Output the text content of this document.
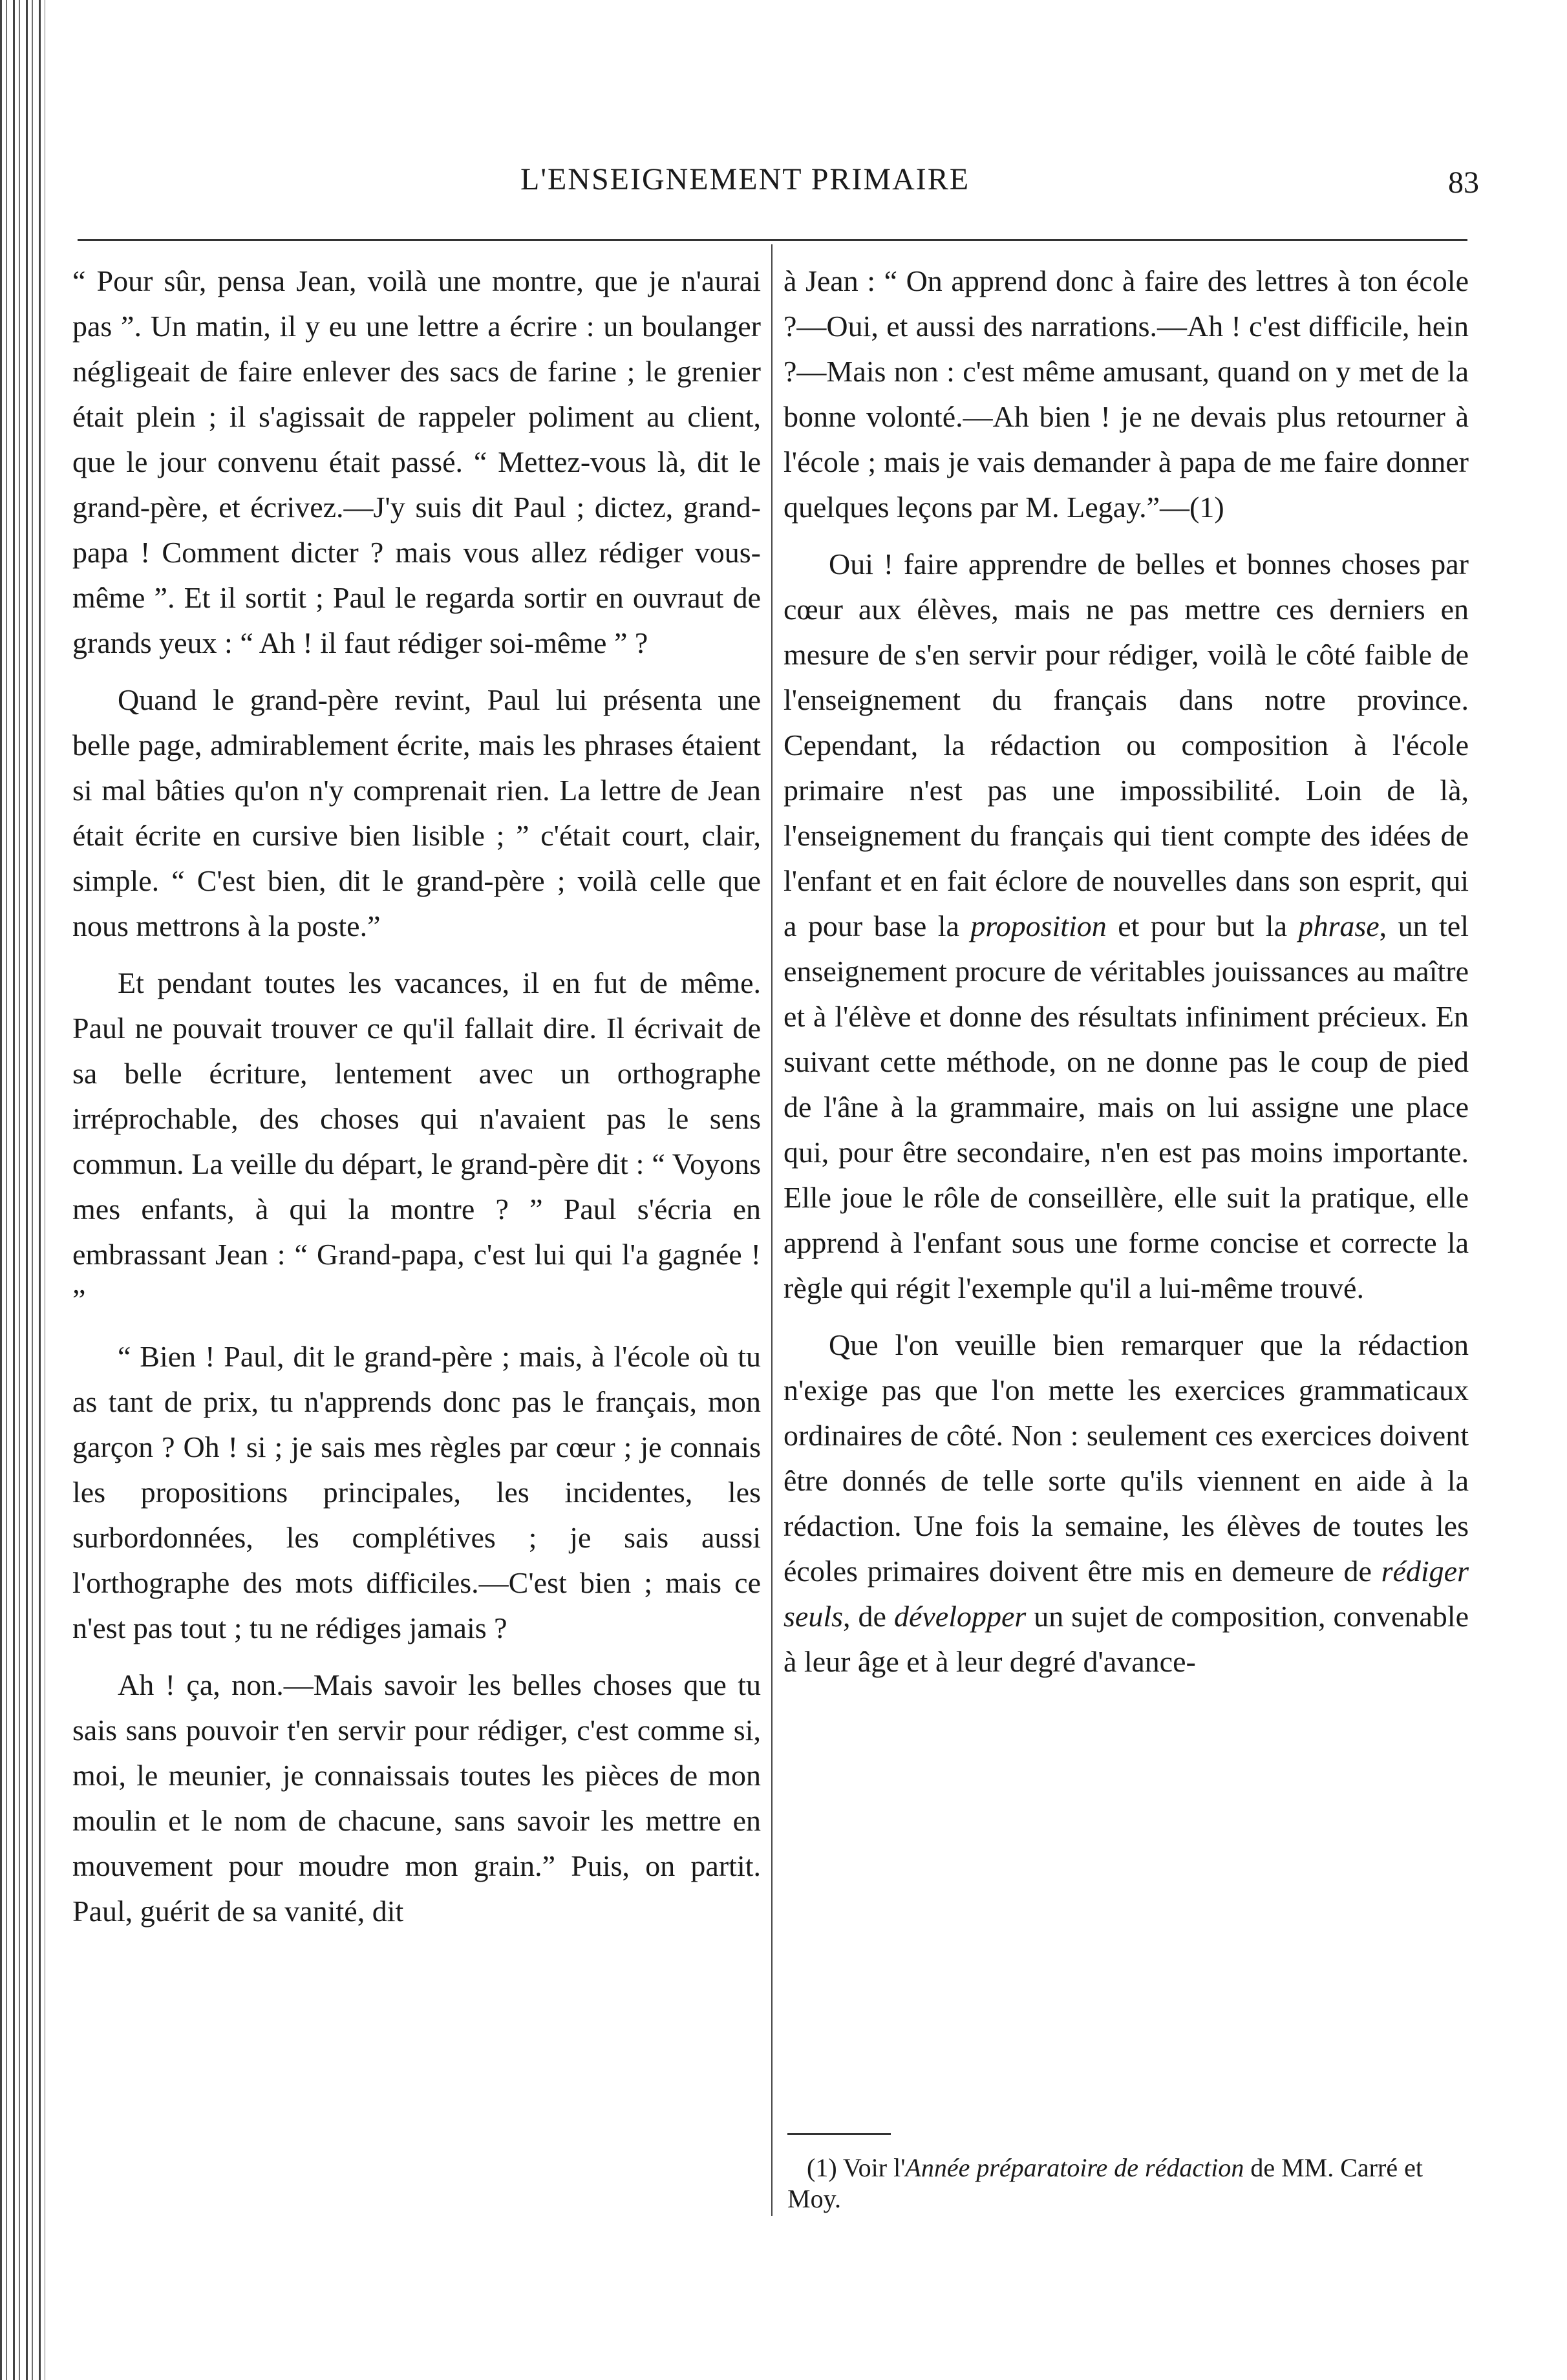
L'ENSEIGNEMENT PRIMAIRE	83

“ Pour sûr, pensa Jean, voilà une montre, que je n'aurai pas ”. Un matin, il y eu une lettre a écrire : un boulanger négligeait de faire enlever des sacs de farine ; le grenier était plein ; il s'agissait de rappeler poliment au client, que le jour convenu était passé. “ Mettez-vous là, dit le grand-père, et écrivez.—J'y suis dit Paul ; dictez, grand-papa ! Comment dicter ? mais vous allez rédiger vous-même ”. Et il sortit ; Paul le regarda sortir en ouvraut de grands yeux : “ Ah ! il faut rédiger soi-même ” ?

Quand le grand-père revint, Paul lui présenta une belle page, admirablement écrite, mais les phrases étaient si mal bâties qu'on n'y comprenait rien. La lettre de Jean était écrite en cursive bien lisible ; ” c'était court, clair, simple. “ C'est bien, dit le grand-père ; voilà celle que nous mettrons à la poste.”

Et pendant toutes les vacances, il en fut de même. Paul ne pouvait trouver ce qu'il fallait dire. Il écrivait de sa belle écriture, lentement avec un orthographe irréprochable, des choses qui n'avaient pas le sens commun. La veille du départ, le grand-père dit : “ Voyons mes enfants, à qui la montre ? ” Paul s'écria en embrassant Jean : “ Grand-papa, c'est lui qui l'a gagnée ! ”

“ Bien ! Paul, dit le grand-père ; mais, à l'école où tu as tant de prix, tu n'apprends donc pas le français, mon garçon ? Oh ! si ; je sais mes règles par cœur ; je connais les propositions principales, les incidentes, les surbordonnées, les complétives ; je sais aussi l'orthographe des mots difficiles.—C'est bien ; mais ce n'est pas tout ; tu ne rédiges jamais ?

Ah ! ça, non.—Mais savoir les belles choses que tu sais sans pouvoir t'en servir pour rédiger, c'est comme si, moi, le meunier, je connaissais toutes les pièces de mon moulin et le nom de chacune, sans savoir les mettre en mouvement pour moudre mon grain.” Puis, on partit. Paul, guérit de sa vanité, dit

à Jean : “ On apprend donc à faire des lettres à ton école ?—Oui, et aussi des narrations.—Ah ! c'est difficile, hein ?—Mais non : c'est même amusant, quand on y met de la bonne volonté.—Ah bien ! je ne devais plus retourner à l'école ; mais je vais demander à papa de me faire donner quelques leçons par M. Legay.”—(1)

Oui ! faire apprendre de belles et bonnes choses par cœur aux élèves, mais ne pas mettre ces derniers en mesure de s'en servir pour rédiger, voilà le côté faible de l'enseignement du français dans notre province. Cependant, la rédaction ou composition à l'école primaire n'est pas une impossibilité. Loin de là, l'enseignement du français qui tient compte des idées de l'enfant et en fait éclore de nouvelles dans son esprit, qui a pour base la proposition et pour but la phrase, un tel enseignement procure de véritables jouissances au maître et à l'élève et donne des résultats infiniment précieux. En suivant cette méthode, on ne donne pas le coup de pied de l'âne à la grammaire, mais on lui assigne une place qui, pour être secondaire, n'en est pas moins importante. Elle joue le rôle de conseillère, elle suit la pratique, elle apprend à l'enfant sous une forme concise et correcte la règle qui régit l'exemple qu'il a lui-même trouvé.

Que l'on veuille bien remarquer que la rédaction n'exige pas que l'on mette les exercices grammaticaux ordinaires de côté. Non : seulement ces exercices doivent être donnés de telle sorte qu'ils viennent en aide à la rédaction. Une fois la semaine, les élèves de toutes les écoles primaires doivent être mis en demeure de rédiger seuls, de développer un sujet de composition, convenable à leur âge et à leur degré d'avance-

(1) Voir l'Année préparatoire de rédaction de MM. Carré et Moy.
